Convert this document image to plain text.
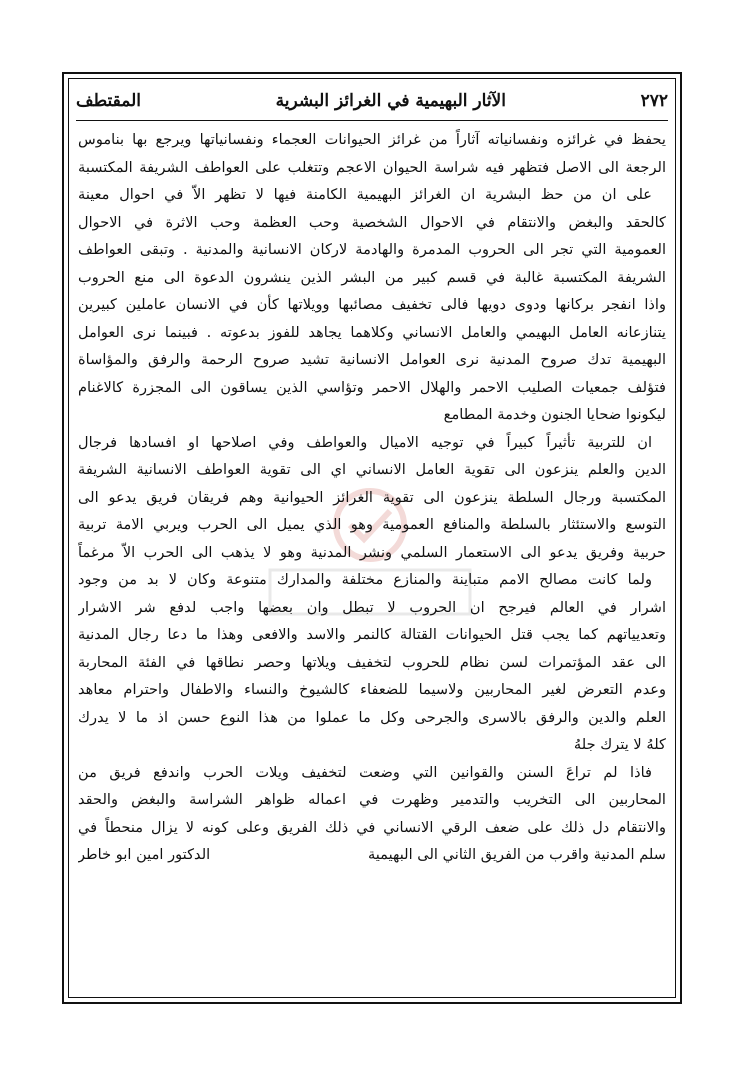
٢٧٢
الآثار البهيمية في الغرائز البشرية
المقتطف
يحفظ في غرائزه ونفسانياته آثاراً من غرائز الحيوانات العجماء ونفسانياتها ويرجع بها بناموس
الرجعة الى الاصل فتظهر فيه شراسة الحيوان الاعجم وتتغلب على العواطف الشريفة المكتسبة
على ان من حظ البشرية ان الغرائز البهيمية الكامنة فيها لا تظهر الاّ في احوال معينة
كالحقد والبغض والانتقام في الاحوال الشخصية وحب العظمة وحب الاثرة في الاحوال
العمومية التي تجر الى الحروب المدمرة والهادمة لاركان الانسانية والمدنية . وتبقى العواطف
الشريفة المكتسبة غالبة في قسم كبير من البشر الذين ينشرون الدعوة الى منع الحروب
واذا انفجر بركانها ودوى دويها فالى تخفيف مصائبها وويلاتها كأن في الانسان عاملين كبيرين
يتنازعانه العامل البهيمي والعامل الانساني وكلاهما يجاهد للفوز بدعوته . فبينما نرى العوامل
البهيمية تدك صروح المدنية نرى العوامل الانسانية تشيد صروح الرحمة والرفق والمؤاساة
فتؤلف جمعيات الصليب الاحمر والهلال الاحمر وتؤاسي الذين يساقون الى المجزرة كالاغنام
ليكونوا ضحايا الجنون وخدمة المطامع
ان للتربية تأثيراً كبيراً في توجيه الاميال والعواطف وفي اصلاحها او افسادها فرجال
الدين والعلم ينزعون الى تقوية العامل الانساني اي الى تقوية العواطف الانسانية الشريفة
المكتسبة ورجال السلطة ينزعون الى تقوية الغرائز الحيوانية وهم فريقان فريق يدعو الى
التوسع والاستئثار بالسلطة والمنافع العمومية وهو الذي يميل الى الحرب ويربي الامة تربية
حربية وفريق يدعو الى الاستعمار السلمي ونشر المدنية وهو لا يذهب الى الحرب الاّ مرغماً
ولما كانت مصالح الامم متباينة والمنازع مختلفة والمدارك متنوعة وكان لا بد من وجود
اشرار في العالم فيرجح ان الحروب لا تبطل وان بعضها واجب لدفع شر الاشرار
وتعديياتهم كما يجب قتل الحيوانات القتالة كالنمر والاسد والافعى وهذا ما دعا رجال المدنية
الى عقد المؤتمرات لسن نظام للحروب لتخفيف ويلاتها وحصر نطاقها في الفئة المحاربة
وعدم التعرض لغير المحاربين ولاسيما للضعفاء كالشيوخ والنساء والاطفال واحترام معاهد
العلم والدين والرفق بالاسرى والجرحى وكل ما عملوا من هذا النوع حسن اذ ما لا يدرك
كلهُ لا يترك جلهُ
فاذا لم تراعَ السنن والقوانين التي وضعت لتخفيف ويلات الحرب واندفع فريق من
المحاربين الى التخريب والتدمير وظهرت في اعماله ظواهر الشراسة والبغض والحقد
والانتقام دل ذلك على ضعف الرقي الانساني في ذلك الفريق وعلى كونه لا يزال منحطاً في
سلم المدنية واقرب من الفريق الثاني الى البهيمية
الدكتور امين ابو خاطر
